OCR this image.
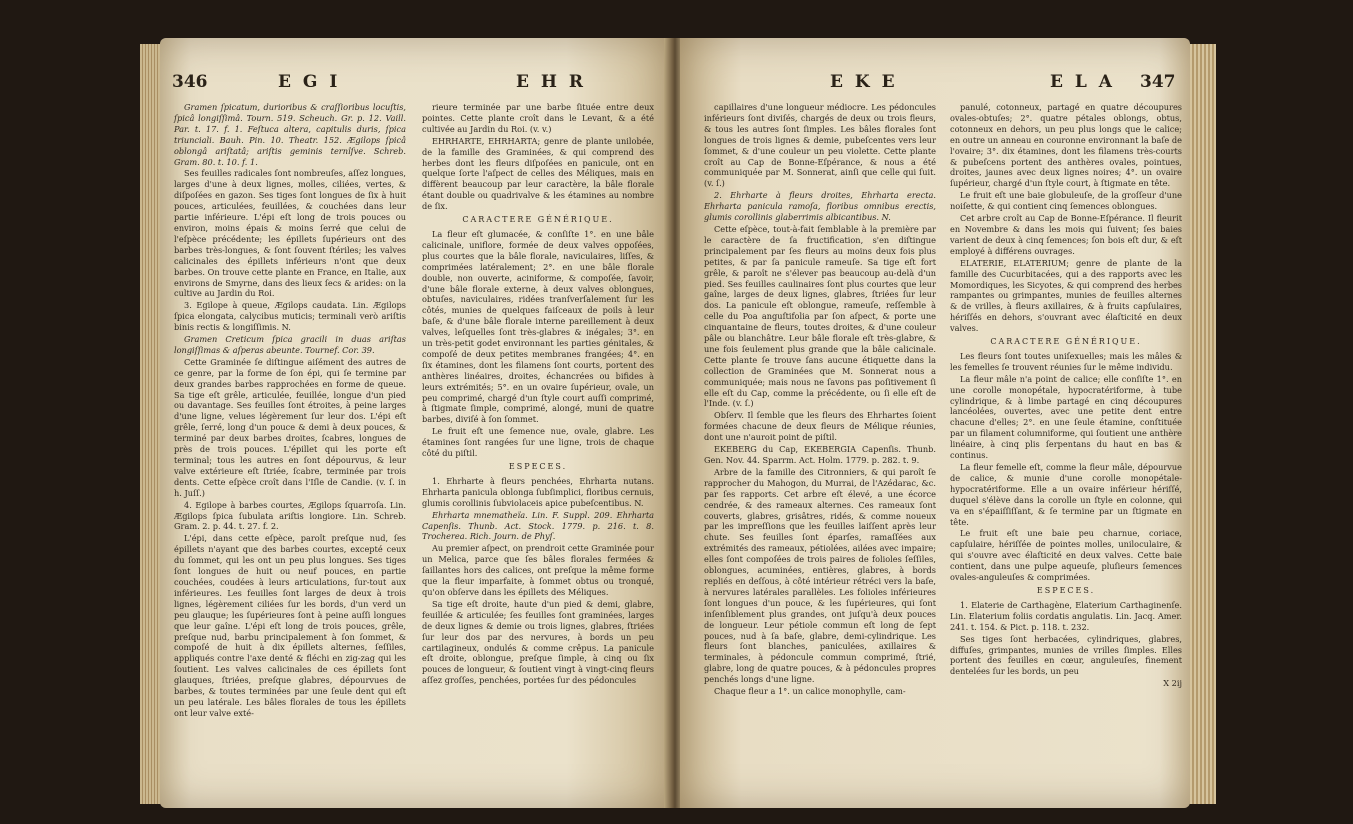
346	E G I	E H R

Gramen ſpicatum, durioribus & craſſioribus locuſtis, ſpicâ longiſſimâ. Tourn. 519. Scheuch. Gr. p. 12. Vaill. Par. t. 17. f. 1. Feſtuca altera, capitulis duris, ſpica triunciali. Bauh. Pin. 10. Theatr. 152. Ægilops ſpicâ oblongâ ariſtatâ; ariſtis geminis ternîſve. Schreb. Gram. 80. t. 10. f. 1.

Ses feuilles radicales ſont nombreuſes, aſſez longues, larges d'une à deux lignes, molles, ciliées, vertes, & diſpoſées en gazon. Ses tiges ſont longues de ſix à huit pouces, articulées, feuillées, & couchées dans leur partie inférieure. L'épi eſt long de trois pouces ou environ, moins épais & moins ſerré que celui de l'eſpèce précédente; les épillets ſupérieurs ont des barbes très-longues, & ſont ſouvent ſtériles; les valves calicinales des épillets inférieurs n'ont que deux barbes. On trouve cette plante en France, en Italie, aux environs de Smyrne, dans des lieux ſecs & arides: on la cultive au Jardin du Roi.

3. Egilope à queue, Ægilops caudata. Lin. Ægilops ſpica elongata, calycibus muticis; terminali verò ariſtis binis rectis & longiſſimis. N.

Gramen Creticum ſpica gracili in duas ariſtas longiſſimas & aſperas abeunte. Tournef. Cor. 39.

Cette Graminée ſe diſtingue aiſément des autres de ce genre, par la forme de ſon épi, qui ſe termine par deux grandes barbes rapprochées en forme de queue. Sa tige eſt grêle, articulée, feuillée, longue d'un pied ou davantage. Ses feuilles ſont étroites, à peine larges d'une ligne, velues légèrement ſur leur dos. L'épi eſt grêle, ſerré, long d'un pouce & demi à deux pouces, & terminé par deux barbes droites, ſcabres, longues de près de trois pouces. L'épillet qui les porte eſt terminal; tous les autres en ſont dépourvus, & leur valve extérieure eſt ſtriée, ſcabre, terminée par trois dents. Cette eſpèce croît dans l'Iſle de Candie. (v. ſ. in h. Juſſ.)

4. Egilope à barbes courtes, Ægilops ſquarroſa. Lin. Ægilops ſpica ſubulata ariſtis longiore. Lin. Schreb. Gram. 2. p. 44. t. 27. f. 2.

L'épi, dans cette eſpèce, paroît preſque nud, ſes épillets n'ayant que des barbes courtes, excepté ceux du ſommet, qui les ont un peu plus longues. Ses tiges ſont longues de huit ou neuf pouces, en partie couchées, coudées à leurs articulations, ſur-tout aux inférieures. Les feuilles ſont larges de deux à trois lignes, légèrement ciliées ſur les bords, d'un verd un peu glauque; les ſupérieures ſont à peine auſſi longues que leur gaîne. L'épi eſt long de trois pouces, grêle, preſque nud, barbu principalement à ſon ſommet, & compoſé de huit à dix épillets alternes, ſeſſiles, appliqués contre l'axe denté & fléchi en zig-zag qui les ſoutient. Les valves calicinales de ces épillets ſont glauques, ſtriées, preſque glabres, dépourvues de barbes, & toutes terminées par une ſeule dent qui eſt un peu latérale. Les bâles florales de tous les épillets ont leur valve exté-

rieure terminée par une barbe ſituée entre deux pointes. Cette plante croît dans le Levant, & a été cultivée au Jardin du Roi. (v. v.)

EHRHARTE, EHRHARTA; genre de plante unilobée, de la famille des Graminées, & qui comprend des herbes dont les fleurs diſpoſées en panicule, ont en quelque ſorte l'aſpect de celles des Méliques, mais en diffèrent beaucoup par leur caractère, la bâle florale étant double ou quadrivalve & les étamines au nombre de ſix.

CARACTERE GÉNÉRIQUE.

La fleur eſt glumacée, & conſiſte 1°. en une bâle calicinale, uniflore, formée de deux valves oppoſées, plus courtes que la bâle florale, naviculaires, liſſes, & comprimées latéralement; 2°. en une bâle florale double, non ouverte, aciniforme, & compoſée, ſavoir, d'une bâle florale externe, à deux valves oblongues, obtuſes, naviculaires, ridées tranſverſalement ſur les côtés, munies de quelques faiſceaux de poils à leur baſe, & d'une bâle florale interne pareillement à deux valves, leſquelles ſont très-glabres & inégales; 3°. en un très-petit godet environnant les parties génitales, & compoſé de deux petites membranes frangées; 4°. en ſix étamines, dont les filamens ſont courts, portent des anthères linéaires, droites, échancrées ou bifides à leurs extrémités; 5°. en un ovaire ſupérieur, ovale, un peu comprimé, chargé d'un ſtyle court auſſi comprimé, à ſtigmate ſimple, comprimé, alongé, muni de quatre barbes, diviſé à ſon ſommet.

Le fruit eſt une ſemence nue, ovale, glabre. Les étamines ſont rangées ſur une ligne, trois de chaque côté du piſtil.

ESPECES.

1. Ehrharte à fleurs penchées, Ehrharta nutans. Ehrharta panicula oblonga ſubſimplici, floribus cernuis, glumis corollinis ſubviolaceis apice pubeſcentibus. N.

Ehrharta mnematheïa. Lin. F. Suppl. 209. Ehrharta Capenſis. Thunb. Act. Stock. 1779. p. 216. t. 8. Trocherea. Rich. Journ. de Phyſ.

Au premier aſpect, on prendroit cette Graminée pour un Melica, parce que ſes bâles florales fermées & ſaillantes hors des calices, ont preſque la même forme que la fleur imparfaite, à ſommet obtus ou tronqué, qu'on obſerve dans les épillets des Méliques.

Sa tige eſt droite, haute d'un pied & demi, glabre, feuillée & articulée; ſes feuilles ſont graminées, larges de deux lignes & demie ou trois lignes, glabres, ſtriées ſur leur dos par des nervures, à bords un peu cartilagineux, ondulés & comme crêpus. La panicule eſt droite, oblongue, preſque ſimple, à cinq ou ſix pouces de longueur, & ſoutient vingt à vingt-cinq fleurs aſſez groſſes, penchées, portées ſur des pédoncules

E K E	E L A 347

capillaires d'une longueur médiocre. Les pédoncules inférieurs ſont diviſés, chargés de deux ou trois fleurs, & tous les autres ſont ſimples. Les bâles florales ſont longues de trois lignes & demie, pubeſcentes vers leur ſommet, & d'une couleur un peu violette. Cette plante croît au Cap de Bonne-Eſpérance, & nous a été communiquée par M. Sonnerat, ainſi que celle qui ſuit. (v. ſ.)

2. Ehrharte à fleurs droites, Ehrharta erecta. Ehrharta panicula ramoſa, floribus omnibus erectis, glumis corollinis glaberrimis albicantibus. N.

Cette eſpèce, tout-à-fait ſemblable à la première par le caractère de ſa fructification, s'en diſtingue principalement par ſes fleurs au moins deux fois plus petites, & par ſa panicule rameuſe. Sa tige eſt fort grêle, & paroît ne s'élever pas beaucoup au-delà d'un pied. Ses feuilles caulinaires ſont plus courtes que leur gaîne, larges de deux lignes, glabres, ſtriées ſur leur dos. La panicule eſt oblongue, rameuſe, reſſemble à celle du Poa anguſtifolia par ſon aſpect, & porte une cinquantaine de fleurs, toutes droites, & d'une couleur pâle ou blanchâtre. Leur bâle florale eſt très-glabre, & une fois ſeulement plus grande que la bâle calicinale. Cette plante ſe trouve ſans aucune étiquette dans la collection de Graminées que M. Sonnerat nous a communiquée; mais nous ne ſavons pas poſitivement ſi elle eſt du Cap, comme la précédente, ou ſi elle eſt de l'Inde. (v. ſ.)

Obſerv. Il ſemble que les fleurs des Ehrhartes ſoient formées chacune de deux fleurs de Mélique réunies, dont une n'auroit point de piſtil.

EKEBERG du Cap, EKEBERGIA Capenſis. Thunb. Gen. Nov. 44. Sparrm. Act. Holm. 1779. p. 282. t. 9.

Arbre de la famille des Citronniers, & qui paroît ſe rapprocher du Mahogon, du Murrai, de l'Azédarac, &c. par ſes rapports. Cet arbre eſt élevé, a une écorce cendrée, & des rameaux alternes. Ces rameaux ſont couverts, glabres, grisâtres, ridés, & comme noueux par les impreſſions que les feuilles laiſſent après leur chute. Ses feuilles ſont éparſes, ramaſſées aux extrémités des rameaux, pétiolées, ailées avec impaire; elles ſont compoſées de trois paires de folioles ſeſſiles, oblongues, acuminées, entières, glabres, à bords repliés en deſſous, à côté intérieur rétréci vers la baſe, à nervures latérales parallèles. Les folioles inférieures ſont longues d'un pouce, & les ſupérieures, qui ſont inſenſiblement plus grandes, ont juſqu'à deux pouces de longueur. Leur pétiole commun eſt long de ſept pouces, nud à ſa baſe, glabre, demi-cylindrique. Les fleurs ſont blanches, paniculées, axillaires & terminales, à pédoncule commun comprimé, ſtrié, glabre, long de quatre pouces, & à pédoncules propres penchés longs d'une ligne.

Chaque fleur a 1°. un calice monophylle, cam-

panulé, cotonneux, partagé en quatre découpures ovales-obtuſes; 2°. quatre pétales oblongs, obtus, cotonneux en dehors, un peu plus longs que le calice; en outre un anneau en couronne environnant la baſe de l'ovaire; 3°. dix étamines, dont les filamens très-courts & pubeſcens portent des anthères ovales, pointues, droites, jaunes avec deux lignes noires; 4°. un ovaire ſupérieur, chargé d'un ſtyle court, à ſtigmate en tête.

Le fruit eſt une baie globuleuſe, de la groſſeur d'une noiſette, & qui contient cinq ſemences oblongues.

Cet arbre croît au Cap de Bonne-Eſpérance. Il fleurit en Novembre & dans les mois qui ſuivent; ſes baies varient de deux à cinq ſemences; ſon bois eſt dur, & eſt employé à différens ouvrages.

ELATERIE, ELATERIUM; genre de plante de la famille des Cucurbitacées, qui a des rapports avec les Momordiques, les Sicyotes, & qui comprend des herbes rampantes ou grimpantes, munies de feuilles alternes & de vrilles, à fleurs axillaires, & à fruits capſulaires, hériſſés en dehors, s'ouvrant avec élaſticité en deux valves.

CARACTERE GÉNÉRIQUE.

Les fleurs ſont toutes uniſexuelles; mais les mâles & les femelles ſe trouvent réunies ſur le même individu.

La fleur mâle n'a point de calice; elle conſiſte 1°. en une corolle monopétale, hypocratériforme, à tube cylindrique, & à limbe partagé en cinq découpures lancéolées, ouvertes, avec une petite dent entre chacune d'elles; 2°. en une ſeule étamine, conſtituée par un filament columniforme, qui ſoutient une anthère linéaire, à cinq plis ſerpentans du haut en bas & continus.

La fleur femelle eſt, comme la fleur mâle, dépourvue de calice, & munie d'une corolle monopétale-hypocratériforme. Elle a un ovaire inférieur hériſſé, duquel s'élève dans la corolle un ſtyle en colonne, qui va en s'épaiſſiſſant, & ſe termine par un ſtigmate en tête.

Le fruit eſt une baie peu charnue, coriace, capſulaire, hériſſée de pointes molles, uniloculaire, & qui s'ouvre avec élaſticité en deux valves. Cette baie contient, dans une pulpe aqueuſe, pluſieurs ſemences ovales-anguleuſes & comprimées.

ESPECES.

1. Elaterie de Carthagène, Elaterium Carthaginenſe. Lin. Elaterium foliis cordatis angulatis. Lin. Jacq. Amer. 241. t. 154. & Pict. p. 118. t. 232.

Ses tiges ſont herbacées, cylindriques, glabres, diffuſes, grimpantes, munies de vrilles ſimples. Elles portent des feuilles en cœur, anguleuſes, finement dentelées ſur les bords, un peu

X 2ij
